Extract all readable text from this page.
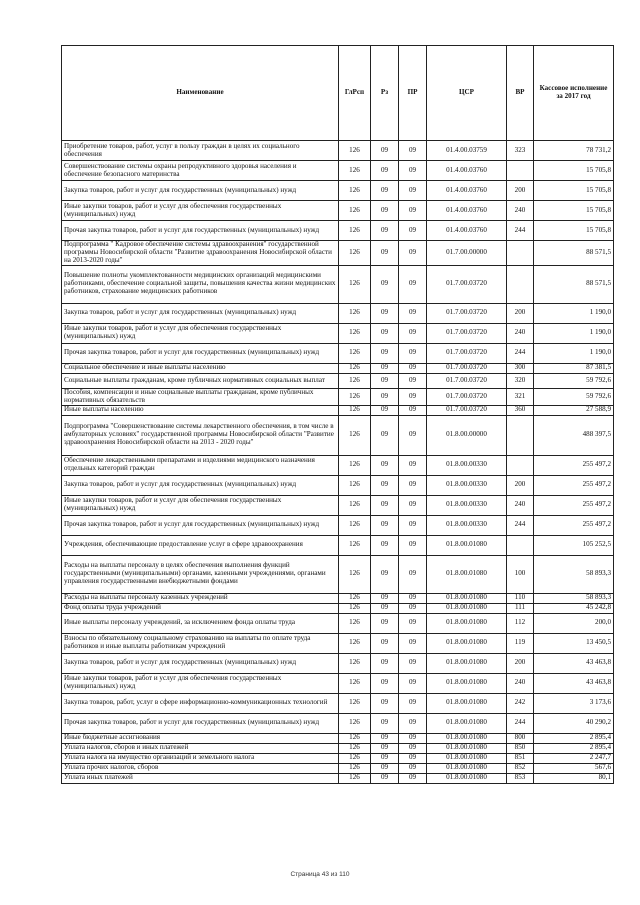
Наименование	ГлРсп	Рз	ПР	ЦСР	ВР	Кассовое исполнение за 2017 год

Приобретение товаров, работ, услуг в пользу граждан в целях их социального обеспечения	126	09	09	01.4.00.03759	323	78 731,2

Совершенствование системы охраны репродуктивного здоровья населения и обеспечение безопасного материнства	126	09	09	01.4.00.03760		15 705,8

Закупка товаров, работ и услуг для государственных (муниципальных) нужд	126	09	09	01.4.00.03760	200	15 705,8

Иные закупки товаров, работ и услуг для обеспечения государственных (муниципальных) нужд	126	09	09	01.4.00.03760	240	15 705,8

Прочая закупка товаров, работ и услуг для государственных (муниципальных) нужд	126	09	09	01.4.00.03760	244	15 705,8

Подпрограмма " Кадровое обеспечение системы здравоохранения" государственной программы Новосибирской области "Развитие здравоохранения Новосибирской области на 2013-2020 годы"	126	09	09	01.7.00.00000		88 571,5

Повышение полноты укомплектованности медицинских организаций медицинскими работниками, обеспечение социальной защиты, повышения качества жизни медицинских работников, страхование медицинских работников	126	09	09	01.7.00.03720		88 571,5

Закупка товаров, работ и услуг для государственных (муниципальных) нужд	126	09	09	01.7.00.03720	200	1 190,0

Иные закупки товаров, работ и услуг для обеспечения государственных (муниципальных) нужд	126	09	09	01.7.00.03720	240	1 190,0

Прочая закупка товаров, работ и услуг для государственных (муниципальных) нужд	126	09	09	01.7.00.03720	244	1 190,0

Социальное обеспечение и иные выплаты населению	126	09	09	01.7.00.03720	300	87 381,5

Социальные выплаты гражданам, кроме публичных нормативных социальных выплат	126	09	09	01.7.00.03720	320	59 792,6

Пособия, компенсации и иные социальные выплаты гражданам, кроме публичных нормативных обязательств	126	09	09	01.7.00.03720	321	59 792,6

Иные выплаты населению	126	09	09	01.7.00.03720	360	27 588,9

Подпрограмма "Совершенствование системы лекарственного обеспечения, в том числе в амбулаторных условиях" государственной программы Новосибирской области "Развитие здравоохранения Новосибирской области на 2013 - 2020 годы"	126	09	09	01.8.00.00000		488 397,5

Обеспечение лекарственными препаратами и изделиями медицинского назначения отдельных категорий граждан	126	09	09	01.8.00.00330		255 497,2

Закупка товаров, работ и услуг для государственных (муниципальных) нужд	126	09	09	01.8.00.00330	200	255 497,2

Иные закупки товаров, работ и услуг для обеспечения государственных (муниципальных) нужд	126	09	09	01.8.00.00330	240	255 497,2

Прочая закупка товаров, работ и услуг для государственных (муниципальных) нужд	126	09	09	01.8.00.00330	244	255 497,2

Учреждения, обеспечивающие предоставление услуг в сфере здравоохранения	126	09	09	01.8.00.01080		105 252,5

Расходы на выплаты персоналу в целях обеспечения выполнения функций государственными (муниципальными) органами, казенными учреждениями, органами управления государственными внебюджетными фондами	126	09	09	01.8.00.01080	100	58 893,3

Расходы на выплаты персоналу казенных учреждений	126	09	09	01.8.00.01080	110	58 893,3

Фонд оплаты труда учреждений	126	09	09	01.8.00.01080	111	45 242,8

Иные выплаты персоналу учреждений, за исключением фонда оплаты труда	126	09	09	01.8.00.01080	112	200,0

Взносы по обязательному социальному страхованию на выплаты по оплате труда работников и иные выплаты работникам учреждений	126	09	09	01.8.00.01080	119	13 450,5

Закупка товаров, работ и услуг для государственных (муниципальных) нужд	126	09	09	01.8.00.01080	200	43 463,8

Иные закупки товаров, работ и услуг для обеспечения государственных (муниципальных) нужд	126	09	09	01.8.00.01080	240	43 463,8

Закупка товаров, работ, услуг в сфере информационно-коммуникационных технологий	126	09	09	01.8.00.01080	242	3 173,6

Прочая закупка товаров, работ и услуг для государственных (муниципальных) нужд	126	09	09	01.8.00.01080	244	40 290,2

Иные бюджетные ассигнования	126	09	09	01.8.00.01080	800	2 895,4

Уплата налогов, сборов и иных платежей	126	09	09	01.8.00.01080	850	2 895,4

Уплата налога на имущество организаций и земельного налога	126	09	09	01.8.00.01080	851	2 247,7

Уплата прочих налогов, сборов	126	09	09	01.8.00.01080	852	567,6

Уплата иных платежей	126	09	09	01.8.00.01080	853	80,1
Страница 43 из 110
